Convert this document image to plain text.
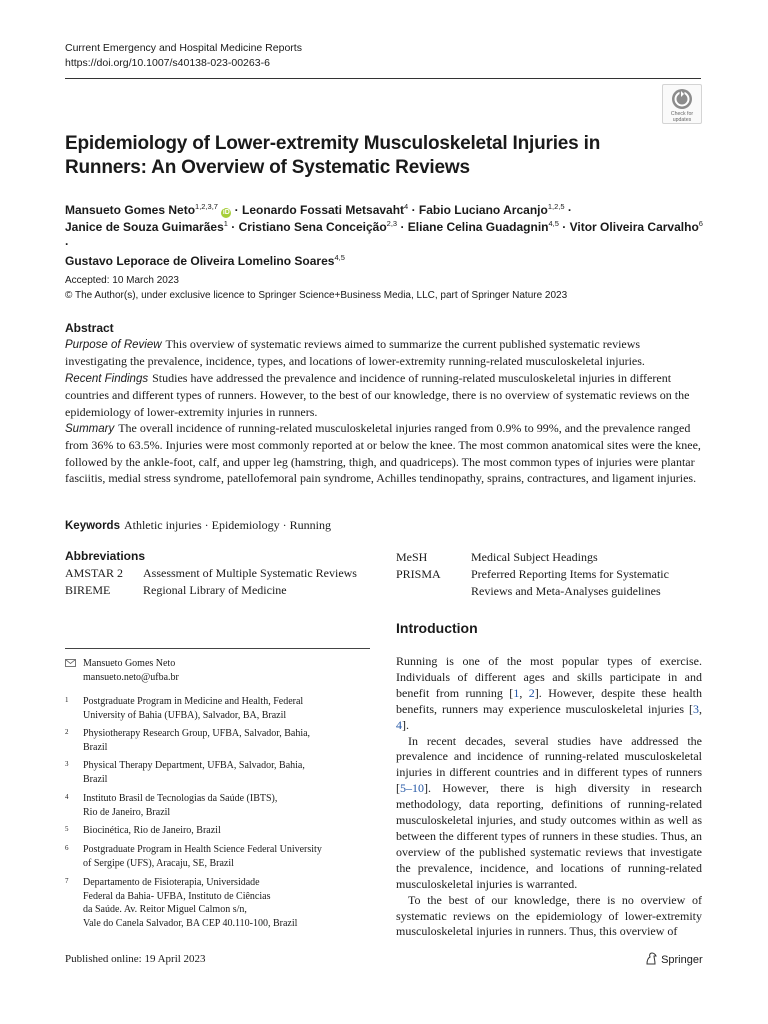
Current Emergency and Hospital Medicine Reports
https://doi.org/10.1007/s40138-023-00263-6
Check for
updates
Epidemiology of Lower-extremity Musculoskeletal Injuries in Runners: An Overview of Systematic Reviews
Mansueto Gomes Neto$^{1,2,3,7}$ iD · Leonardo Fossati Metsavaht$^4$ · Fabio Luciano Arcanjo$^{1,2,5}$ ·
Janice de Souza Guimarães$^1$ · Cristiano Sena Conceição$^{2,3}$ · Eliane Celina Guadagnin$^{4,5}$ · Vitor Oliveira Carvalho$^6$ ·
Gustavo Leporace de Oliveira Lomelino Soares$^{4,5}$
Accepted: 10 March 2023
© The Author(s), under exclusive licence to Springer Science+Business Media, LLC, part of Springer Nature 2023
Abstract

Purpose of Review This overview of systematic reviews aimed to summarize the current published systematic reviews investigating the prevalence, incidence, types, and locations of lower-extremity running-related musculoskeletal injuries.

Recent Findings Studies have addressed the prevalence and incidence of running-related musculoskeletal injuries in different countries and different types of runners. However, to the best of our knowledge, there is no overview of systematic reviews on the epidemiology of lower-extremity injuries in runners.

Summary The overall incidence of running-related musculoskeletal injuries ranged from 0.9% to 99%, and the prevalence ranged from 36% to 63.5%. Injuries were most commonly reported at or below the knee. The most common anatomical sites were the knee, followed by the ankle-foot, calf, and upper leg (hamstring, thigh, and quadriceps). The most common types of injuries were plantar fasciitis, medial stress syndrome, patellofemoral pain syndrome, Achilles tendinopathy, sprains, contractures, and ligament injuries.

Keywords Athletic injuries · Epidemiology · Running
Abbreviations
AMSTAR 2 Assessment of Multiple Systematic Reviews
BIREME	Regional Library of Medicine
MeSH	Medical Subject Headings
PRISMA	Preferred Reporting Items for Systematic
Reviews and Meta-Analyses guidelines
Introduction
Mansueto Gomes Neto
mansueto.neto@ufba.br
1 Postgraduate Program in Medicine and Health, Federal
University of Bahia (UFBA), Salvador, BA, Brazil
2 Physiotherapy Research Group, UFBA, Salvador, Bahia,
Brazil
3 Physical Therapy Department, UFBA, Salvador, Bahia,
Brazil
4 Instituto Brasil de Tecnologias da Saúde (IBTS),
Rio de Janeiro, Brazil
5 Biocinética, Rio de Janeiro, Brazil
6 Postgraduate Program in Health Science Federal University
of Sergipe (UFS), Aracaju, SE, Brazil
7 Departamento de Fisioterapia, Universidade
Federal da Bahia- UFBA, Instituto de Ciências
da Saúde. Av. Reitor Miguel Calmon s/n,
Vale do Canela Salvador, BA CEP 40.110-100, Brazil

Running is one of the most popular types of exercise. Individuals of different ages and skills participate in and benefit from running [1, 2]. However, despite these health benefits, runners may experience musculoskeletal injuries [3, 4].

In recent decades, several studies have addressed the prevalence and incidence of running-related musculoskeletal injuries in different countries and in different types of runners [5–10]. However, there is high diversity in research methodology, data reporting, definitions of running-related musculoskeletal injuries, and study outcomes within as well as between the different types of runners in these studies. Thus, an overview of the published systematic reviews that investigate the prevalence, incidence, and locations of running-related musculoskeletal injuries is warranted.

To the best of our knowledge, there is no overview of systematic reviews on the epidemiology of lower-extremity musculoskeletal injuries in runners. Thus, this overview of

Published online: 19 April 2023	Springer
